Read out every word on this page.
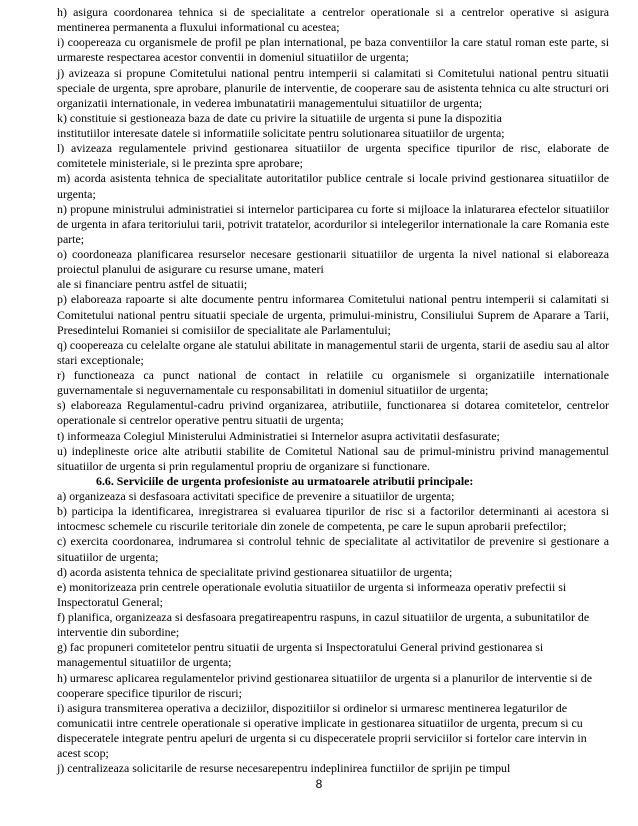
h) asigura coordonarea tehnica si de specialitate a centrelor operationale si a centrelor operative si asigura mentinerea permanenta a fluxului informational cu acestea;

i) coopereaza cu organismele de profil pe plan international, pe baza conventiilor la care statul roman este parte, si urmareste respectarea acestor conventii in domeniul situatiilor de urgenta;

j) avizeaza si propune Comitetului national pentru intemperii si calamitati si Comitetului national pentru situatii speciale de urgenta, spre aprobare, planurile de interventie, de cooperare sau de asistenta tehnica cu alte structuri ori organizatii internationale, in vederea imbunatatirii managementului situatiilor de urgenta;

k) constituie si gestioneaza baza de date cu privire la situatiile de urgenta si pune la dispozitia

institutiilor interesate datele si informatiile solicitate pentru solutionarea situatiilor de urgenta;

l) avizeaza regulamentele privind gestionarea situatiilor de urgenta specifice tipurilor de risc, elaborate de comitetele ministeriale, si le prezinta spre aprobare;

m) acorda asistenta tehnica de specialitate autoritatilor publice centrale si locale privind gestionarea situatiilor de urgenta;

n) propune ministrului administratiei si internelor participarea cu forte si mijloace la inlaturarea efectelor situatiilor de urgenta in afara teritoriului tarii, potrivit tratatelor, acordurilor si intelegerilor internationale la care Romania este parte;

o) coordoneaza planificarea resurselor necesare gestionarii situatiilor de urgenta la nivel national si elaboreaza proiectul planului de asigurare cu resurse umane, materi

ale si financiare pentru astfel de situatii;

p) elaboreaza rapoarte si alte documente pentru informarea Comitetului national pentru intemperii si calamitati si Comitetului national pentru situatii speciale de urgenta, primului-ministru, Consiliului Suprem de Aparare a Tarii, Presedintelui Romaniei si comisiilor de specialitate ale Parlamentului;

q) coopereaza cu celelalte organe ale statului abilitate in managementul starii de urgenta, starii de asediu sau al altor stari exceptionale;

r) functioneaza ca punct national de contact in relatiile cu organismele si organizatiile internationale guvernamentale si neguvernamentale cu responsabilitati in domeniul situatiilor de urgenta;

s) elaboreaza Regulamentul-cadru privind organizarea, atributiile, functionarea si dotarea comitetelor, centrelor operationale si centrelor operative pentru situatii de urgenta;

t) informeaza Colegiul Ministerului Administratiei si Internelor asupra activitatii desfasurate;

u) indeplineste orice alte atributii stabilite de Comitetul National sau de primul-ministru privind managementul situatiilor de urgenta si prin regulamentul propriu de organizare si functionare.

6.6. Serviciile de urgenta profesioniste au urmatoarele atributii principale:

a) organizeaza si desfasoara activitati specifice de prevenire a situatiilor de urgenta;

b) participa la identificarea, inregistrarea si evaluarea tipurilor de risc si a factorilor determinanti ai acestora si intocmesc schemele cu riscurile teritoriale din zonele de competenta, pe care le supun aprobarii prefectilor;

c) exercita coordonarea, indrumarea si controlul tehnic de specialitate al activitatilor de prevenire si gestionare a situatiilor de urgenta;

d) acorda asistenta tehnica de specialitate privind gestionarea situatiilor de urgenta;

e) monitorizeaza prin centrele operationale evolutia situatiilor de urgenta si informeaza operativ prefectii si Inspectoratul General;

f) planifica, organizeaza si desfasoara pregatireapentru raspuns, in cazul situatiilor de urgenta, a subunitatilor de interventie din subordine;

g) fac propuneri comitetelor pentru situatii de urgenta si Inspectoratului General privind gestionarea si managementul situatiilor de urgenta;

h) urmaresc aplicarea regulamentelor privind gestionarea situatiilor de urgenta si a planurilor de interventie si de cooperare specifice tipurilor de riscuri;

i) asigura transmiterea operativa a deciziilor, dispozitiilor si ordinelor si urmaresc mentinerea legaturilor de comunicatii intre centrele operationale si operative implicate in gestionarea situatiilor de urgenta, precum si cu dispeceratele integrate pentru apeluri de urgenta si cu dispeceratele proprii serviciilor si fortelor care intervin in acest scop;

j) centralizeaza solicitarile de resurse necesarepentru indeplinirea functiilor de sprijin pe timpul

8
